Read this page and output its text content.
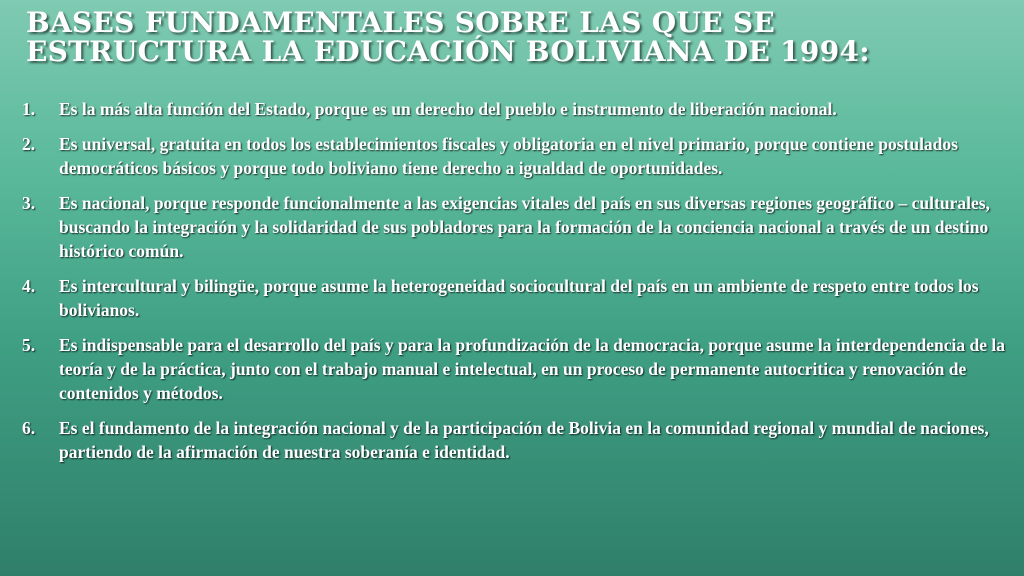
BASES FUNDAMENTALES SOBRE LAS QUE SE ESTRUCTURA LA EDUCACIÓN BOLIVIANA DE 1994:
1.	Es la más alta función del Estado, porque es un derecho del pueblo e instrumento de liberación nacional.
2.	Es universal, gratuita en todos los establecimientos fiscales y obligatoria en el nivel primario, porque contiene postulados democráticos básicos y porque todo boliviano tiene derecho a igualdad de oportunidades.
3.	Es nacional, porque responde funcionalmente a las exigencias vitales del país en sus diversas regiones geográfico – culturales, buscando la integración y la solidaridad de sus pobladores para la formación de la conciencia nacional a través de un destino histórico común.
4.	Es intercultural y bilingüe, porque asume la heterogeneidad sociocultural del país en un ambiente de respeto entre todos los bolivianos.
5.	Es indispensable para el desarrollo del país y para la profundización de la democracia, porque asume la interdependencia de la teoría y de la práctica, junto con el trabajo manual e intelectual, en un proceso de permanente autocritica y renovación de contenidos y métodos.
6.	Es el fundamento de la integración nacional y de la participación de Bolivia en la comunidad regional y mundial de naciones, partiendo de la afirmación de nuestra soberanía e identidad.
